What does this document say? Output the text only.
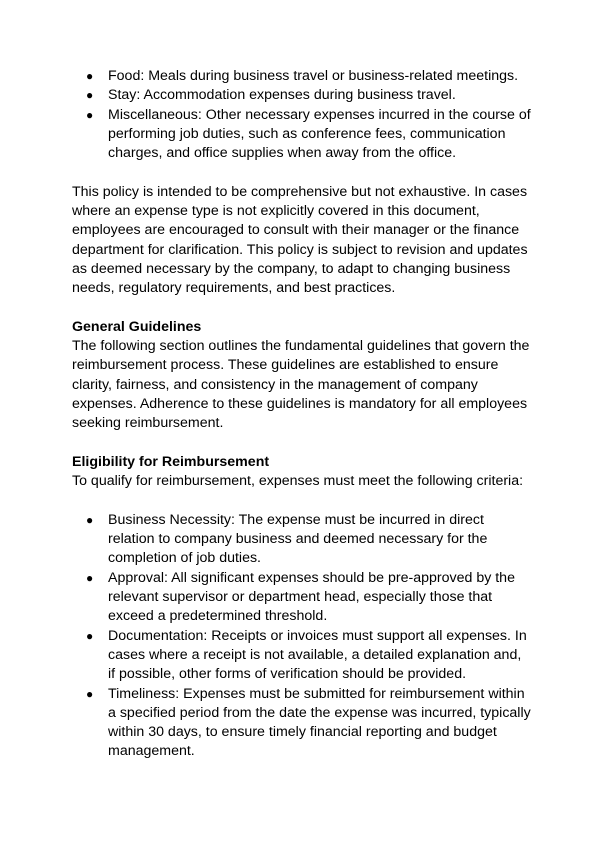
● Food: Meals during business travel or business-related meetings.
● Stay: Accommodation expenses during business travel.
● Miscellaneous: Other necessary expenses incurred in the course of performing job duties, such as conference fees, communication charges, and office supplies when away from the office.

This policy is intended to be comprehensive but not exhaustive. In cases where an expense type is not explicitly covered in this document, employees are encouraged to consult with their manager or the finance department for clarification. This policy is subject to revision and updates as deemed necessary by the company, to adapt to changing business needs, regulatory requirements, and best practices.

General Guidelines

The following section outlines the fundamental guidelines that govern the reimbursement process. These guidelines are established to ensure clarity, fairness, and consistency in the management of company expenses. Adherence to these guidelines is mandatory for all employees seeking reimbursement.

Eligibility for Reimbursement

To qualify for reimbursement, expenses must meet the following criteria:

● Business Necessity: The expense must be incurred in direct relation to company business and deemed necessary for the completion of job duties.
● Approval: All significant expenses should be pre-approved by the relevant supervisor or department head, especially those that exceed a predetermined threshold.
● Documentation: Receipts or invoices must support all expenses. In cases where a receipt is not available, a detailed explanation and, if possible, other forms of verification should be provided.
● Timeliness: Expenses must be submitted for reimbursement within a specified period from the date the expense was incurred, typically within 30 days, to ensure timely financial reporting and budget management.
